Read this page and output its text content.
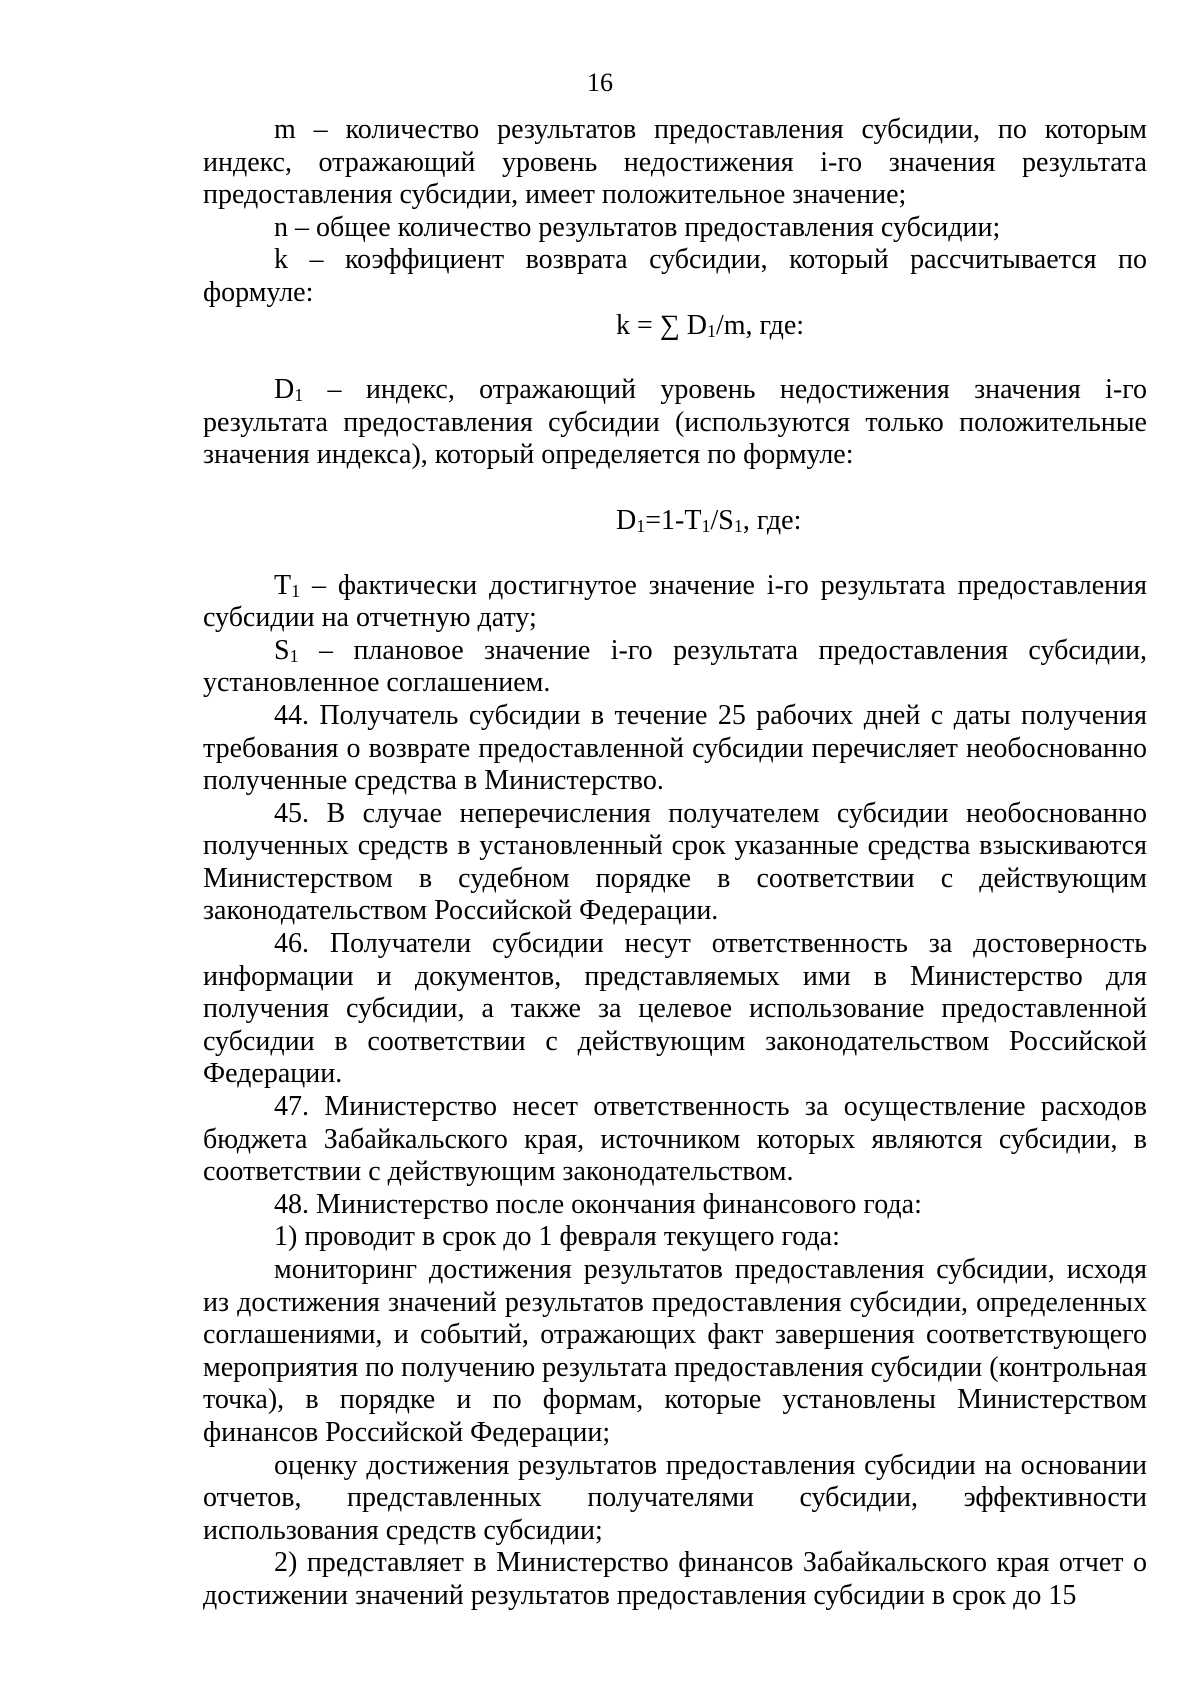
16

m – количество результатов предоставления субсидии, по которым индекс, отражающий уровень недостижения i-го значения результата предоставления субсидии, имеет положительное значение;

n – общее количество результатов предоставления субсидии;

k – коэффициент возврата субсидии, который рассчитывается по формуле:

k = ∑ $D_1/m$, где:

$D_1$ – индекс, отражающий уровень недостижения значения i-го результата предоставления субсидии (используются только положительные значения индекса), который определяется по формуле:

$D_1=1-T_1/S_1$, где:

$T_1$ – фактически достигнутое значение i-го результата предоставления субсидии на отчетную дату;

$S_1$ – плановое значение i-го результата предоставления субсидии, установленное соглашением.

44. Получатель субсидии в течение 25 рабочих дней с даты получения требования о возврате предоставленной субсидии перечисляет необоснованно полученные средства в Министерство.

45. В случае неперечисления получателем субсидии необоснованно полученных средств в установленный срок указанные средства взыскиваются Министерством в судебном порядке в соответствии с действующим законодательством Российской Федерации.

46. Получатели субсидии несут ответственность за достоверность информации и документов, представляемых ими в Министерство для получения субсидии, а также за целевое использование предоставленной субсидии в соответствии с действующим законодательством Российской Федерации.

47. Министерство несет ответственность за осуществление расходов бюджета Забайкальского края, источником которых являются субсидии, в соответствии с действующим законодательством.

48. Министерство после окончания финансового года:

1) проводит в срок до 1 февраля текущего года:

мониторинг достижения результатов предоставления субсидии, исходя из достижения значений результатов предоставления субсидии, определенных соглашениями, и событий, отражающих факт завершения соответствующего мероприятия по получению результата предоставления субсидии (контрольная точка), в порядке и по формам, которые установлены Министерством финансов Российской Федерации;

оценку достижения результатов предоставления субсидии на основании отчетов, представленных получателями субсидии, эффективности использования средств субсидии;

2) представляет в Министерство финансов Забайкальского края отчет о достижении значений результатов предоставления субсидии в срок до 15
